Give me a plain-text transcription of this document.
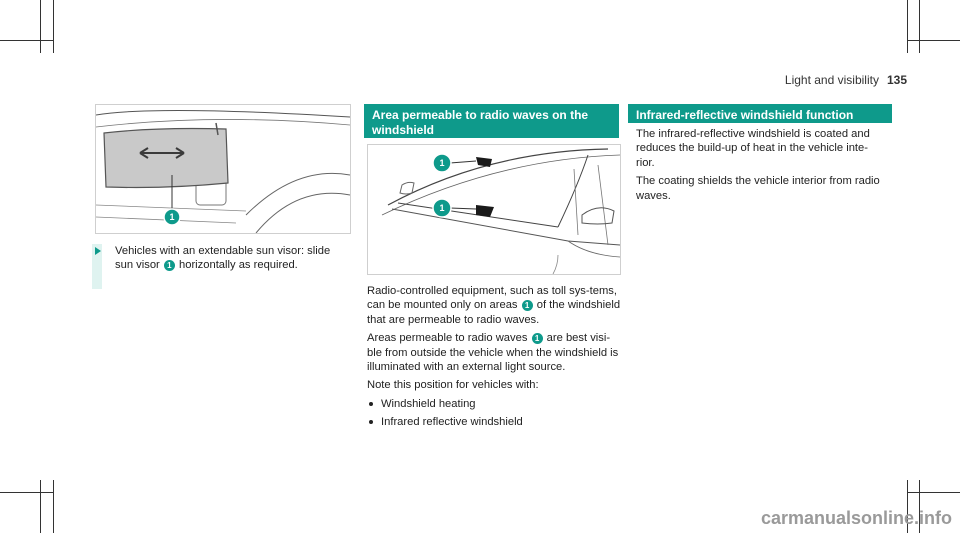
Light and visibility 135
1
Vehicles with an extendable sun visor: slide sun visor 1 horizontally as required.
Area permeable to radio waves on the windshield
1
1

Radio-controlled equipment, such as toll sys-tems, can be mounted only on areas 1 of the windshield that are permeable to radio waves.

Areas permeable to radio waves 1 are best visi-ble from outside the vehicle when the windshield is illuminated with an external light source.

Note this position for vehicles with:

Windshield heating
Infrared reflective windshield
Infrared-reflective windshield function

The infrared-reflective windshield is coated and reduces the build-up of heat in the vehicle inte-rior.

The coating shields the vehicle interior from radio waves.

carmanualsonline.info
